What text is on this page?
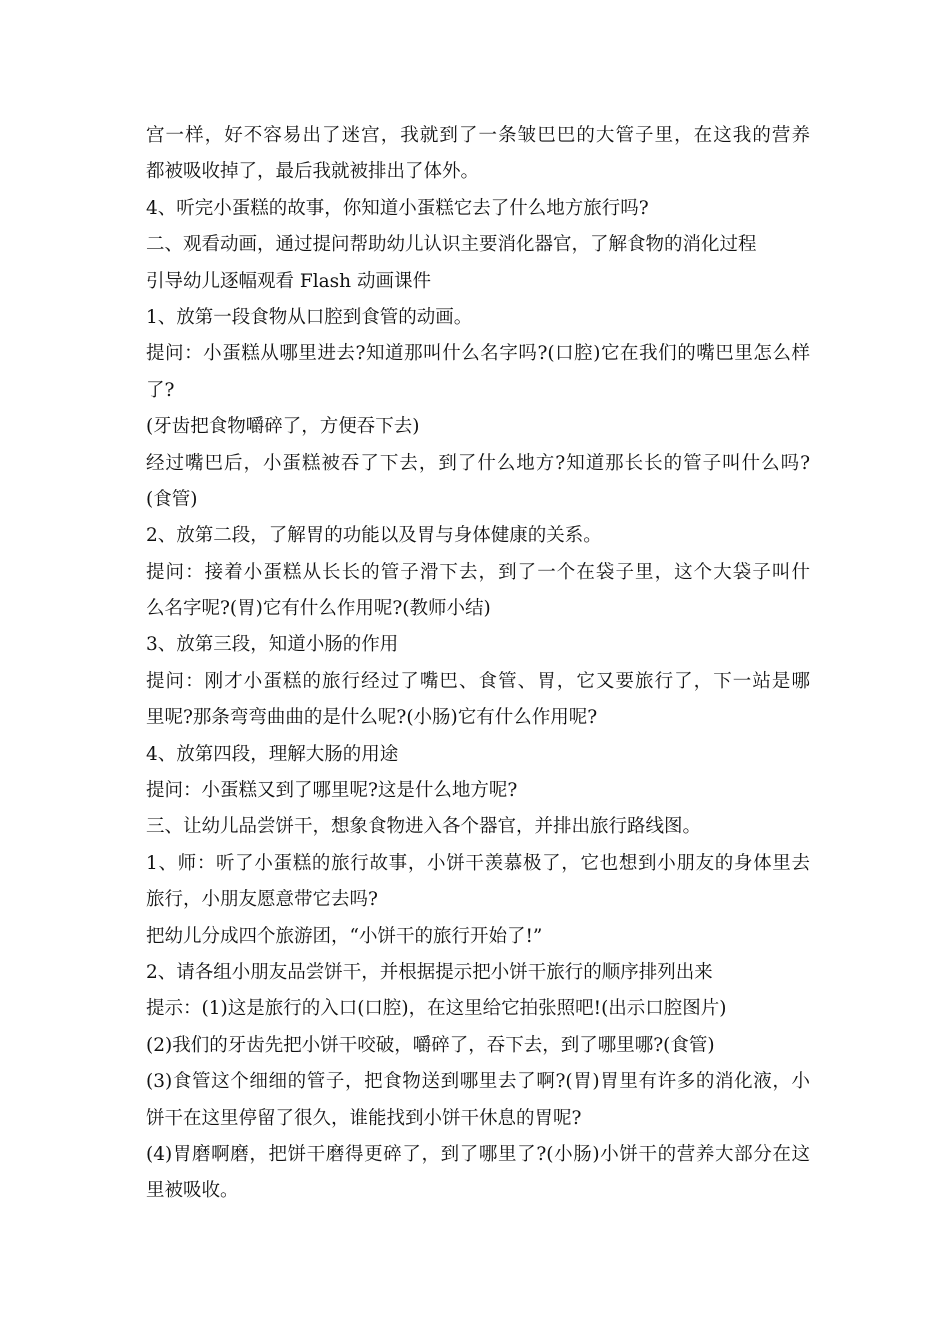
宫一样，好不容易出了迷宫，我就到了一条皱巴巴的大管子里，在这我的营养
都被吸收掉了，最后我就被排出了体外。
4、听完小蛋糕的故事，你知道小蛋糕它去了什么地方旅行吗?
二、观看动画，通过提问帮助幼儿认识主要消化器官，了解食物的消化过程
引导幼儿逐幅观看 Flash 动画课件
1、放第一段食物从口腔到食管的动画。
提问：小蛋糕从哪里进去?知道那叫什么名字吗?(口腔)它在我们的嘴巴里怎么样
了?
(牙齿把食物嚼碎了，方便吞下去)
经过嘴巴后，小蛋糕被吞了下去，到了什么地方?知道那长长的管子叫什么吗?
(食管)
2、放第二段，了解胃的功能以及胃与身体健康的关系。
提问：接着小蛋糕从长长的管子滑下去，到了一个在袋子里，这个大袋子叫什
么名字呢?(胃)它有什么作用呢?(教师小结)
3、放第三段，知道小肠的作用
提问：刚才小蛋糕的旅行经过了嘴巴、食管、胃，它又要旅行了，下一站是哪
里呢?那条弯弯曲曲的是什么呢?(小肠)它有什么作用呢?
4、放第四段，理解大肠的用途
提问：小蛋糕又到了哪里呢?这是什么地方呢?
三、让幼儿品尝饼干，想象食物进入各个器官，并排出旅行路线图。
1、师：听了小蛋糕的旅行故事，小饼干羡慕极了，它也想到小朋友的身体里去
旅行，小朋友愿意带它去吗?
把幼儿分成四个旅游团，“小饼干的旅行开始了!”
2、请各组小朋友品尝饼干，并根据提示把小饼干旅行的顺序排列出来
提示：(1)这是旅行的入口(口腔)，在这里给它拍张照吧!(出示口腔图片)
(2)我们的牙齿先把小饼干咬破，嚼碎了，吞下去，到了哪里哪?(食管)
(3)食管这个细细的管子，把食物送到哪里去了啊?(胃)胃里有许多的消化液，小
饼干在这里停留了很久，谁能找到小饼干休息的胃呢?
(4)胃磨啊磨，把饼干磨得更碎了，到了哪里了?(小肠)小饼干的营养大部分在这
里被吸收。
